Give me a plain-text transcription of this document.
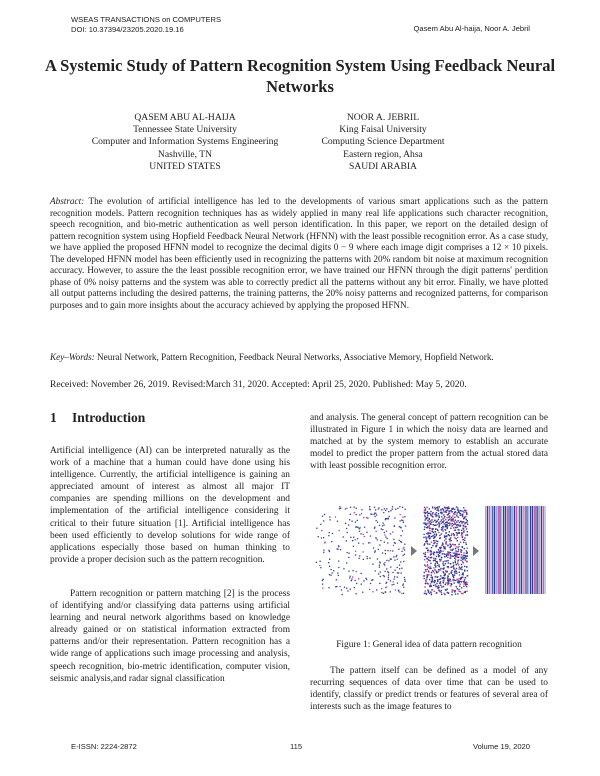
WSEAS TRANSACTIONS on COMPUTERS
DOI: 10.37394/23205.2020.19.16	Qasem Abu Al-haija, Noor A. Jebril
A Systemic Study of Pattern Recognition System Using Feedback Neural Networks
QASEM ABU AL-HAIJA
Tennessee State University
Computer and Information Systems Engineering
Nashville, TN
UNITED STATES
NOOR A. JEBRIL
King Faisal University
Computing Science Department
Eastern region, Ahsa
SAUDI ARABIA
Abstract: The evolution of artificial intelligence has led to the developments of various smart applications such as the pattern recognition models. Pattern recognition techniques has as widely applied in many real life applications such character recognition, speech recognition, and bio-metric authentication as well person identification. In this paper, we report on the detailed design of pattern recognition system using Hopfield Feedback Neural Network (HFNN) with the least possible recognition error. As a case study, we have applied the proposed HFNN model to recognize the decimal digits 0 − 9 where each image digit comprises a 12 × 10 pixels. The developed HFNN model has been efficiently used in recognizing the patterns with 20% random bit noise at maximum recognition accuracy. However, to assure the the least possible recognition error, we have trained our HFNN through the digit patterns' perdition phase of 0% noisy patterns and the system was able to correctly predict all the patterns without any bit error. Finally, we have plotted all output patterns including the desired patterns, the training patterns, the 20% noisy patterns and recognized patterns, for comparison purposes and to gain more insights about the accuracy achieved by applying the proposed HFNN.
Key–Words: Neural Network, Pattern Recognition, Feedback Neural Networks, Associative Memory, Hopfield Network.
Received: November 26, 2019. Revised:March 31, 2020. Accepted: April 25, 2020. Published: May 5, 2020.
1 Introduction

Artificial intelligence (AI) can be interpreted naturally as the work of a machine that a human could have done using his intelligence. Currently, the artificial intelligence is gaining an appreciated amount of interest as almost all major IT companies are spending millions on the development and implementation of the artificial intelligence considering it critical to their future situation [1]. Artificial intelligence has been used efficiently to develop solutions for wide range of applications especially those based on human thinking to provide a proper decision such as the pattern recognition.

Pattern recognition or pattern matching [2] is the process of identifying and/or classifying data patterns using artificial learning and neural network algorithms based on knowledge already gained or on statistical information extracted from patterns and/or their representation. Pattern recognition has a wide range of applications such image processing and analysis, speech recognition, bio-metric identification, computer vision, seismic analysis,and radar signal classification

and analysis. The general concept of pattern recognition can be illustrated in Figure 1 in which the noisy data are learned and matched at by the system memory to establish an accurate model to predict the proper pattern from the actual stored data with least possible recognition error.

Figure 1: General idea of data pattern recognition

The pattern itself can be defined as a model of any recurring sequences of data over time that can be used to identify, classify or predict trends or features of several area of interests such as the image features to

E-ISSN: 2224-2872	115	Volume 19, 2020
